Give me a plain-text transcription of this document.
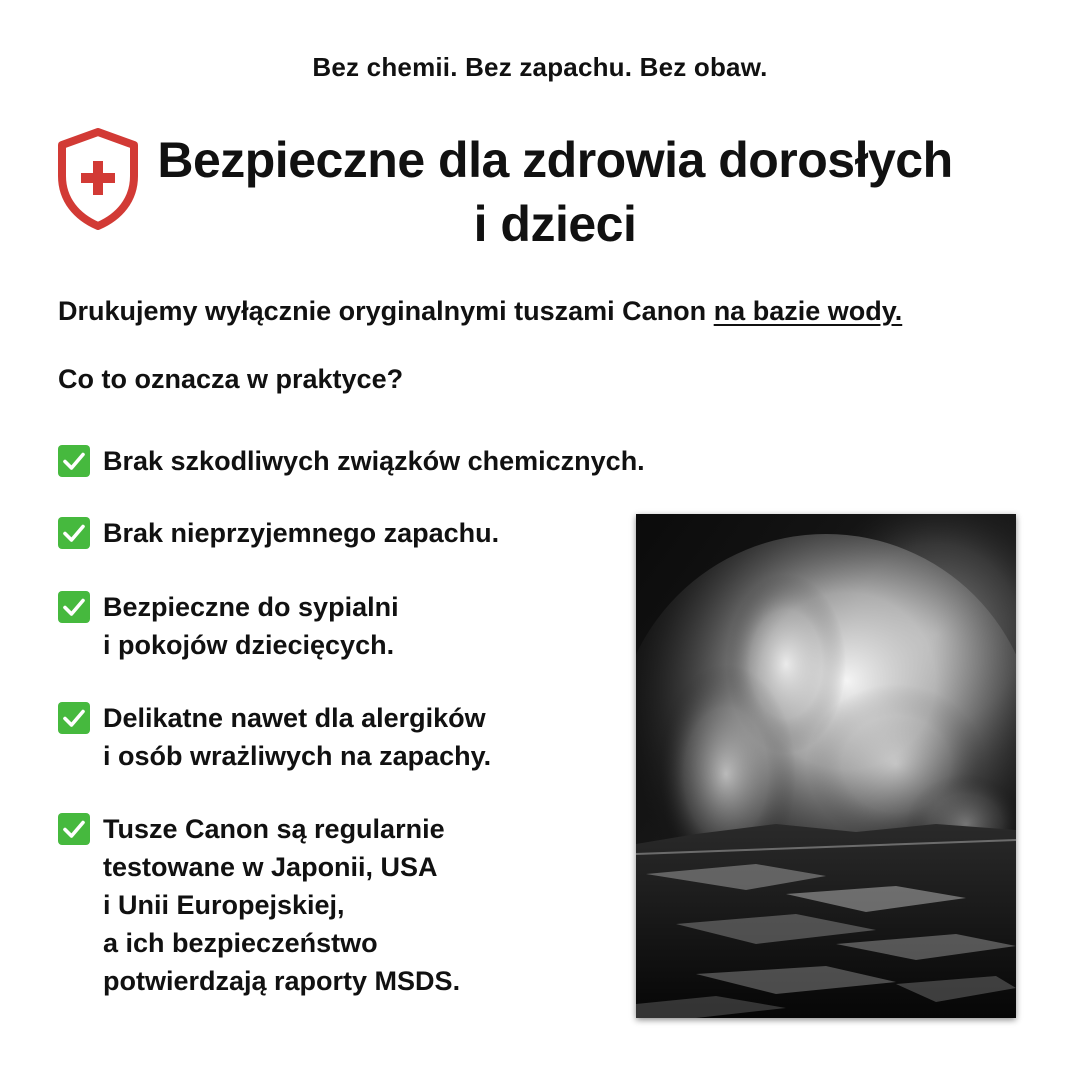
Bez chemii. Bez zapachu. Bez obaw.
Bezpieczne dla zdrowia dorosłych
i dzieci
Drukujemy wyłącznie oryginalnymi tuszami Canon na bazie wody.
Co to oznacza w praktyce?
Brak szkodliwych związków chemicznych.
Brak nieprzyjemnego zapachu.
Bezpieczne do sypialni
i pokojów dziecięcych.
Delikatne nawet dla alergików
i osób wrażliwych na zapachy.
Tusze Canon są regularnie
testowane w Japonii, USA
i Unii Europejskiej,
a ich bezpieczeństwo
potwierdzają raporty MSDS.
